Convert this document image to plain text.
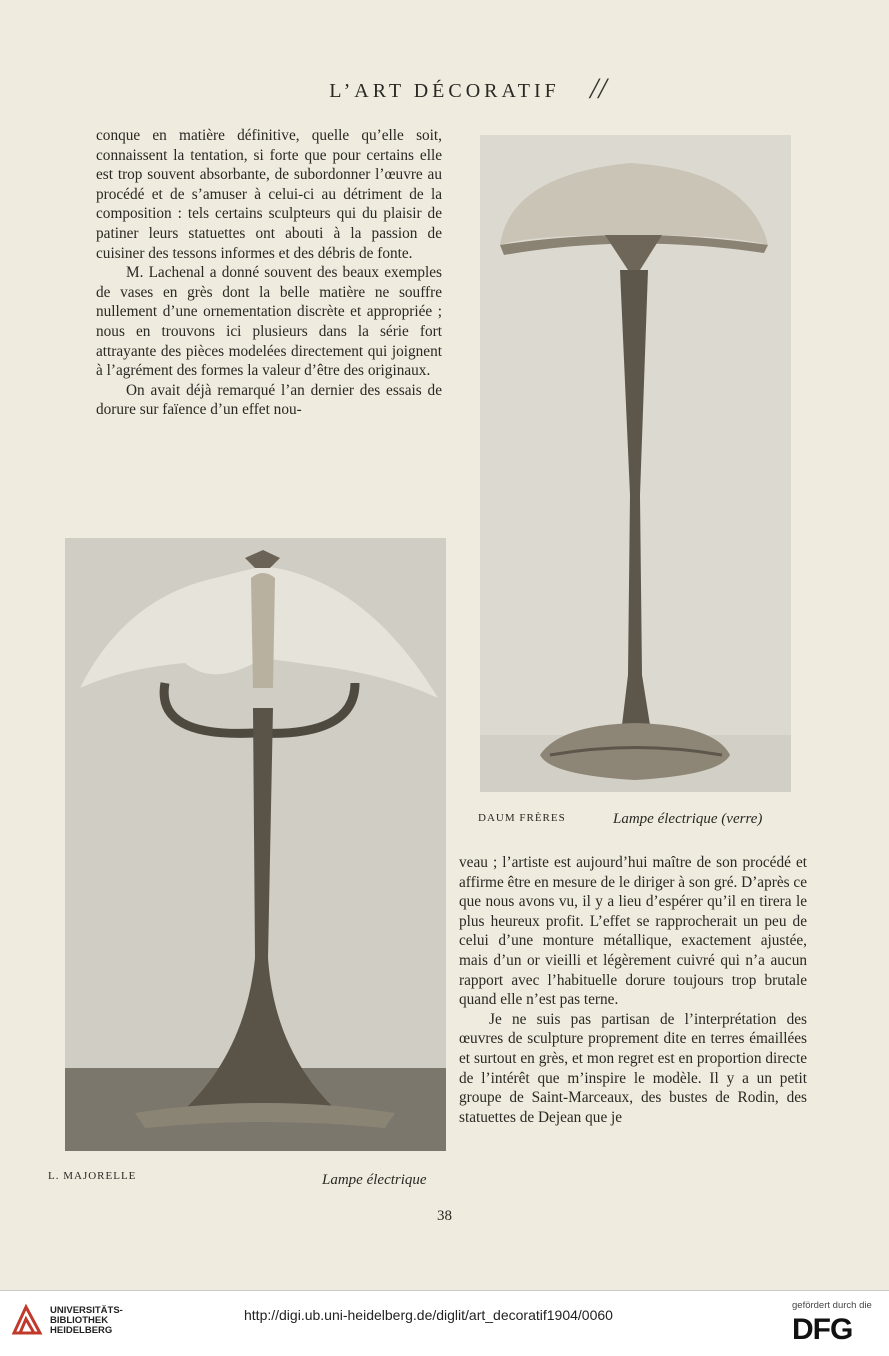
L’ART DÉCORATIF //

conque en matière définitive, quelle qu’elle soit, connaissent la tentation, si forte que pour certains elle est trop souvent absorbante, de subordonner l’œuvre au procédé et de s’amuser à celui-ci au détriment de la composition : tels certains sculpteurs qui du plaisir de patiner leurs statuettes ont abouti à la passion de cuisiner des tessons informes et des débris de fonte.

M. Lachenal a donné souvent des beaux exemples de vases en grès dont la belle matière ne souffre nullement d’une ornementation discrète et appropriée ; nous en trouvons ici plusieurs dans la série fort attrayante des pièces modelées directement qui joignent à l’agrément des formes la valeur d’être des originaux.

On avait déjà remarqué l’an dernier des essais de dorure sur faïence d’un effet nou-

DAUM FRÈRES	Lampe électrique (verre)
L. MAJORELLE	Lampe électrique

veau ; l’artiste est aujourd’hui maître de son procédé et affirme être en mesure de le diriger à son gré. D’après ce que nous avons vu, il y a lieu d’espérer qu’il en tirera le plus heureux profit. L’effet se rapprocherait un peu de celui d’une monture métallique, exactement ajustée, mais d’un or vieilli et légèrement cuivré qui n’a aucun rapport avec l’habituelle dorure toujours trop brutale quand elle n’est pas terne.

Je ne suis pas partisan de l’interprétation des œuvres de sculpture proprement dite en terres émaillées et surtout en grès, et mon regret est en proportion directe de l’intérêt que m’inspire le modèle. Il y a un petit groupe de Saint-Marceaux, des bustes de Rodin, des statuettes de Dejean que je

38
UNIVERSITÄTS-
BIBLIOTHEK
HEIDELBERG
http://digi.ub.uni-heidelberg.de/diglit/art_decoratif1904/0060
gefördert durch die
DFG
